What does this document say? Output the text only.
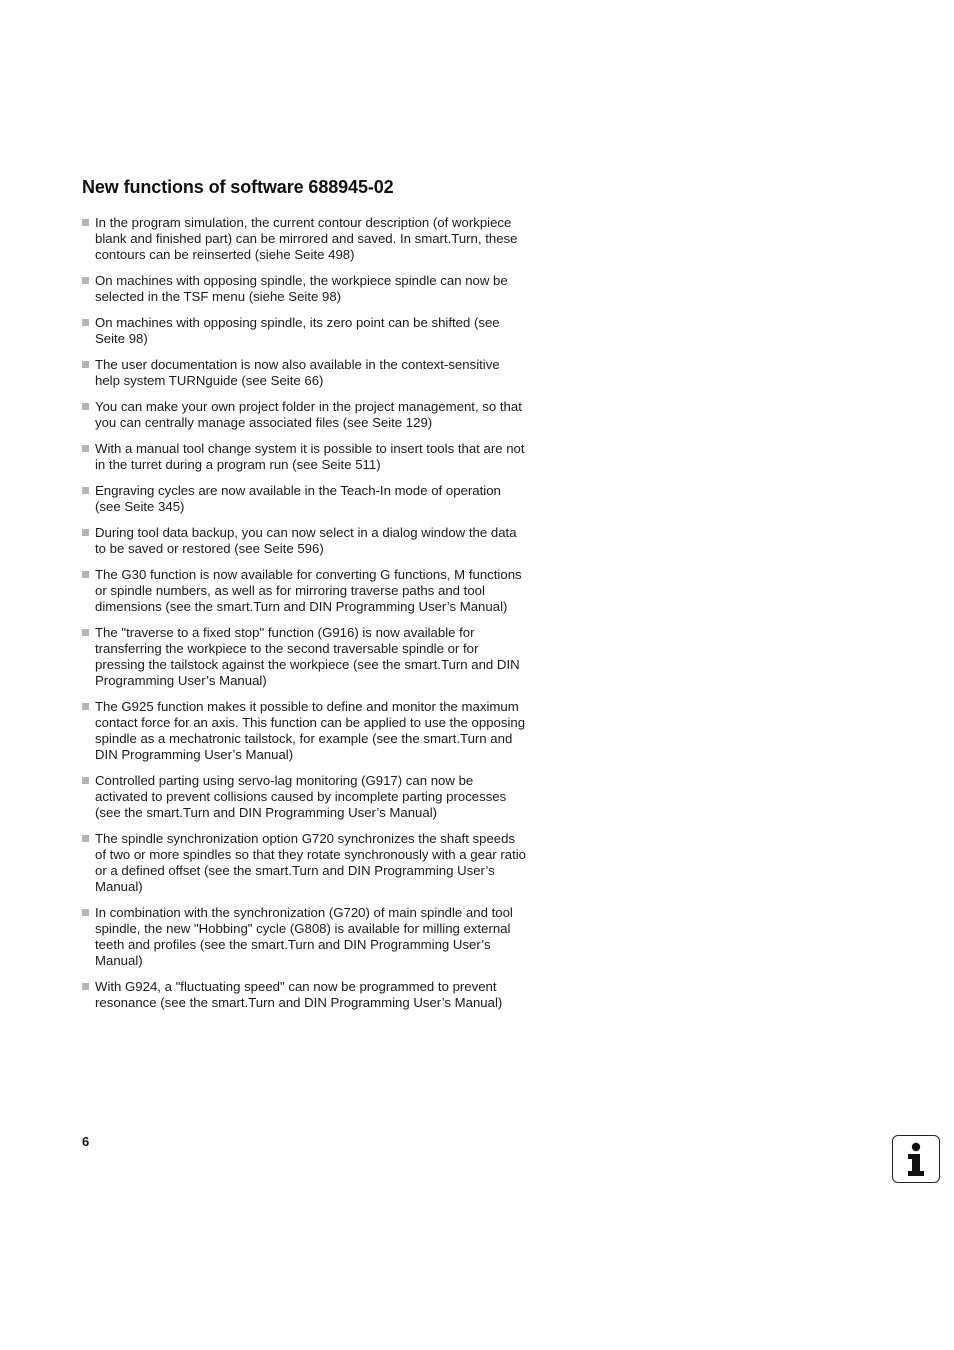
New functions of software 688945-02
In the program simulation, the current contour description (of workpiece blank and finished part) can be mirrored and saved. In smart.Turn, these contours can be reinserted (siehe Seite 498)
On machines with opposing spindle, the workpiece spindle can now be selected in the TSF menu (siehe Seite 98)
On machines with opposing spindle, its zero point can be shifted (see Seite 98)
The user documentation is now also available in the context-sensitive help system TURNguide (see Seite 66)
You can make your own project folder in the project management, so that you can centrally manage associated files (see Seite 129)
With a manual tool change system it is possible to insert tools that are not in the turret during a program run (see Seite 511)
Engraving cycles are now available in the Teach-In mode of operation (see Seite 345)
During tool data backup, you can now select in a dialog window the data to be saved or restored (see Seite 596)
The G30 function is now available for converting G functions, M functions or spindle numbers, as well as for mirroring traverse paths and tool dimensions (see the smart.Turn and DIN Programming User’s Manual)
The "traverse to a fixed stop" function (G916) is now available for transferring the workpiece to the second traversable spindle or for pressing the tailstock against the workpiece (see the smart.Turn and DIN Programming User’s Manual)
The G925 function makes it possible to define and monitor the maximum contact force for an axis. This function can be applied to use the opposing spindle as a mechatronic tailstock, for example (see the smart.Turn and DIN Programming User’s Manual)
Controlled parting using servo-lag monitoring (G917) can now be activated to prevent collisions caused by incomplete parting processes (see the smart.Turn and DIN Programming User’s Manual)
The spindle synchronization option G720 synchronizes the shaft speeds of two or more spindles so that they rotate synchronously with a gear ratio or a defined offset (see the smart.Turn and DIN Programming User’s Manual)
In combination with the synchronization (G720) of main spindle and tool spindle, the new "Hobbing" cycle (G808) is available for milling external teeth and profiles (see the smart.Turn and DIN Programming User’s Manual)
With G924, a "fluctuating speed" can now be programmed to prevent resonance (see the smart.Turn and DIN Programming User’s Manual)
6
